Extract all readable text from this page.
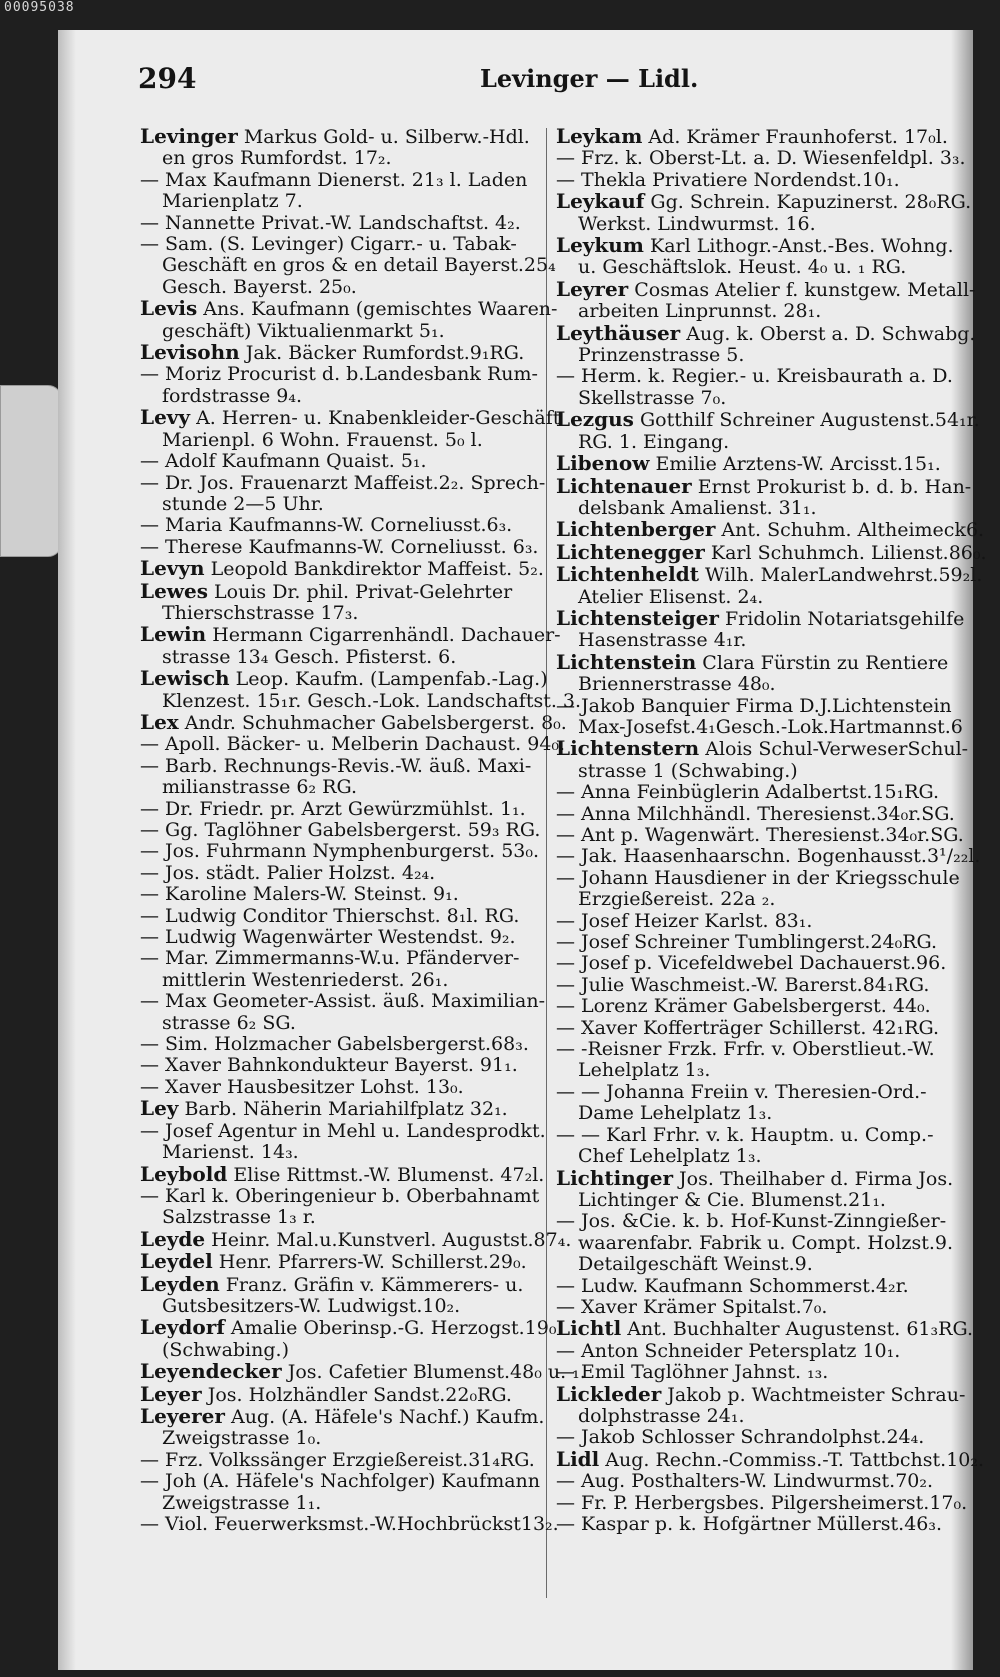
00095038
294	Levinger — Lidl.
Levinger Markus Gold- u. Silberw.-Hdl.
en gros Rumfordst. 17₂.
— Max Kaufmann Dienerst. 21₃ l. Laden
Marienplatz 7.
— Nannette Privat.-W. Landschaftst. 4₂.
— Sam. (S. Levinger) Cigarr.- u. Tabak-
Geschäft en gros & en detail Bayerst.25₄
Gesch. Bayerst. 25₀.
Levis Ans. Kaufmann (gemischtes Waaren-
geschäft) Viktualienmarkt 5₁.
Levisohn Jak. Bäcker Rumfordst.9₁RG.
— Moriz Procurist d. b.Landesbank Rum-
fordstrasse 9₄.
Levy A. Herren- u. Knabenkleider-Geschäft
Marienpl. 6 Wohn. Frauenst. 5₀ l.
— Adolf Kaufmann Quaist. 5₁.
— Dr. Jos. Frauenarzt Maffeist.2₂. Sprech-
stunde 2—5 Uhr.
— Maria Kaufmanns-W. Corneliusst.6₃.
— Therese Kaufmanns-W. Corneliusst. 6₃.
Levyn Leopold Bankdirektor Maffeist. 5₂.
Lewes Louis Dr. phil. Privat-Gelehrter
Thierschstrasse 17₃.
Lewin Hermann Cigarrenhändl. Dachauer-
strasse 13₄ Gesch. Pfisterst. 6.
Lewisch Leop. Kaufm. (Lampenfab.-Lag.)
Klenzest. 15₁r. Gesch.-Lok. Landschaftst. 3.
Lex Andr. Schuhmacher Gabelsbergerst. 8₀.
— Apoll. Bäcker- u. Melberin Dachaust. 94₀.
— Barb. Rechnungs-Revis.-W. äuß. Maxi-
milianstrasse 6₂ RG.
— Dr. Friedr. pr. Arzt Gewürzmühlst. 1₁.
— Gg. Taglöhner Gabelsbergerst. 59₃ RG.
— Jos. Fuhrmann Nymphenburgerst. 53₀.
— Jos. städt. Palier Holzst. 4₂₄.
— Karoline Malers-W. Steinst. 9₁.
— Ludwig Conditor Thierschst. 8₁l. RG.
— Ludwig Wagenwärter Westendst. 9₂.
— Mar. Zimmermanns-W.u. Pfänderver-
mittlerin Westenriederst. 26₁.
— Max Geometer-Assist. äuß. Maximilian-
strasse 6₂ SG.
— Sim. Holzmacher Gabelsbergerst.68₃.
— Xaver Bahnkondukteur Bayerst. 91₁.
— Xaver Hausbesitzer Lohst. 13₀.
Ley Barb. Näherin Mariahilfplatz 32₁.
— Josef Agentur in Mehl u. Landesprodkt.
Marienst. 14₃.
Leybold Elise Rittmst.-W. Blumenst. 47₂l.
— Karl k. Oberingenieur b. Oberbahnamt
Salzstrasse 1₃ r.
Leyde Heinr. Mal.u.Kunstverl. Augustst.87₄.
Leydel Henr. Pfarrers-W. Schillerst.29₀.
Leyden Franz. Gräfin v. Kämmerers- u.
Gutsbesitzers-W. Ludwigst.10₂.
Leydorf Amalie Oberinsp.-G. Herzogst.19₀
(Schwabing.)
Leyendecker Jos. Cafetier Blumenst.48₀ u. ₁.
Leyer Jos. Holzhändler Sandst.22₀RG.
Leyerer Aug. (A. Häfele's Nachf.) Kaufm.
Zweigstrasse 1₀.
— Frz. Volkssänger Erzgießereist.31₄RG.
— Joh (A. Häfele's Nachfolger) Kaufmann
Zweigstrasse 1₁.
— Viol. Feuerwerksmst.-W.Hochbrückst13₂.
Leykam Ad. Krämer Fraunhoferst. 17₀l.
— Frz. k. Oberst-Lt. a. D. Wiesenfeldpl. 3₃.
— Thekla Privatiere Nordendst.10₁.
Leykauf Gg. Schrein. Kapuzinerst. 28₀RG.
Werkst. Lindwurmst. 16.
Leykum Karl Lithogr.-Anst.-Bes. Wohng.
u. Geschäftslok. Heust. 4₀ u. ₁ RG.
Leyrer Cosmas Atelier f. kunstgew. Metall-
arbeiten Linprunnst. 28₁.
Leythäuser Aug. k. Oberst a. D. Schwabg.
Prinzenstrasse 5.
— Herm. k. Regier.- u. Kreisbaurath a. D.
Skellstrasse 7₀.
Lezgus Gotthilf Schreiner Augustenst.54₁r.
RG. 1. Eingang.
Libenow Emilie Arztens-W. Arcisst.15₁.
Lichtenauer Ernst Prokurist b. d. b. Han-
delsbank Amalienst. 31₁.
Lichtenberger Ant. Schuhm. Altheimeck6.
Lichtenegger Karl Schuhmch. Lilienst.86₀.
Lichtenheldt Wilh. MalerLandwehrst.59₂l.
Atelier Elisenst. 2₄.
Lichtensteiger Fridolin Notariatsgehilfe
Hasenstrasse 4₁r.
Lichtenstein Clara Fürstin zu Rentiere
Briennerstrasse 48₀.
— Jakob Banquier Firma D.J.Lichtenstein
Max-Josefst.4₁Gesch.-Lok.Hartmannst.6
Lichtenstern Alois Schul-VerweserSchul-
strasse 1 (Schwabing.)
— Anna Feinbüglerin Adalbertst.15₁RG.
— Anna Milchhändl. Theresienst.34₀r.SG.
— Ant p. Wagenwärt. Theresienst.34₀r.SG.
— Jak. Haasenhaarschn. Bogenhausst.3¹/₂₂l.
— Johann Hausdiener in der Kriegsschule
Erzgießereist. 22a ₂.
— Josef Heizer Karlst. 83₁.
— Josef Schreiner Tumblingerst.24₀RG.
— Josef p. Vicefeldwebel Dachauerst.96.
— Julie Waschmeist.-W. Barerst.84₁RG.
— Lorenz Krämer Gabelsbergerst. 44₀.
— Xaver Kofferträger Schillerst. 42₁RG.
— -Reisner Frzk. Frfr. v. Oberstlieut.-W.
Lehelplatz 1₃.
— — Johanna Freiin v. Theresien-Ord.-
Dame Lehelplatz 1₃.
— — Karl Frhr. v. k. Hauptm. u. Comp.-
Chef Lehelplatz 1₃.
Lichtinger Jos. Theilhaber d. Firma Jos.
Lichtinger & Cie. Blumenst.21₁.
— Jos. &Cie. k. b. Hof-Kunst-Zinngießer-
waarenfabr. Fabrik u. Compt. Holzst.9.
Detailgeschäft Weinst.9.
— Ludw. Kaufmann Schommerst.4₂r.
— Xaver Krämer Spitalst.7₀.
Lichtl Ant. Buchhalter Augustenst. 61₃RG.
— Anton Schneider Petersplatz 10₁.
— Emil Taglöhner Jahnst. ₁₃.
Lickleder Jakob p. Wachtmeister Schrau-
dolphstrasse 24₁.
— Jakob Schlosser Schrandolphst.24₄.
Lidl Aug. Rechn.-Commiss.-T. Tattbchst.10₂.
— Aug. Posthalters-W. Lindwurmst.70₂.
— Fr. P. Herbergsbes. Pilgersheimerst.17₀.
— Kaspar p. k. Hofgärtner Müllerst.46₃.
